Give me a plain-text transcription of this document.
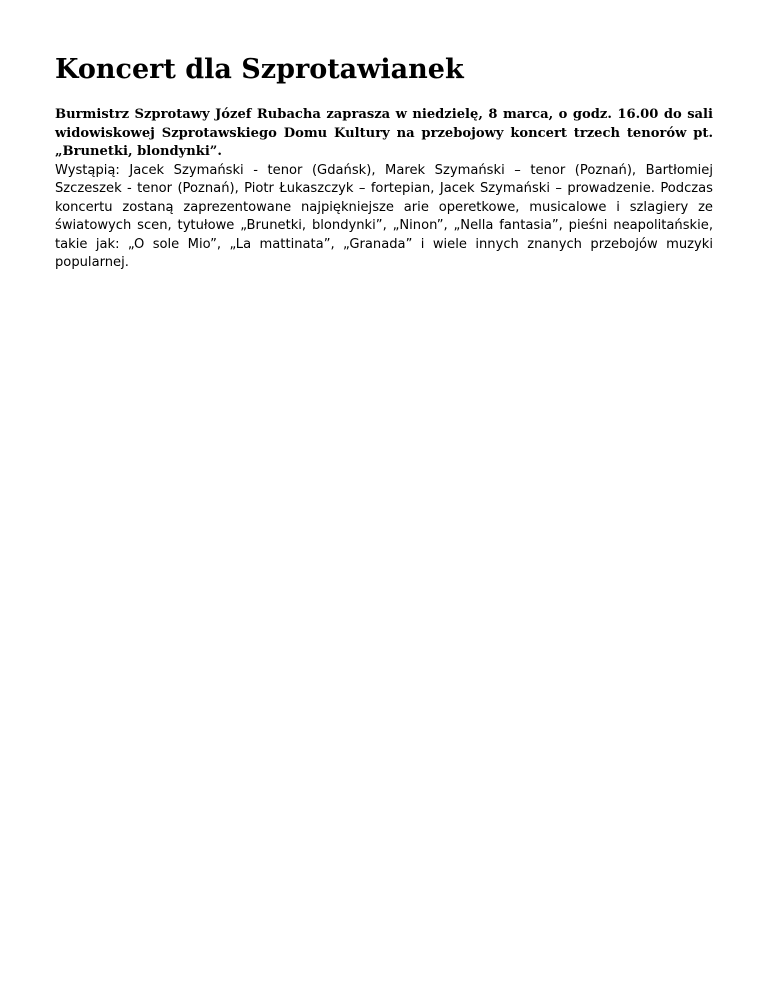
Koncert dla Szprotawianek

Burmistrz Szprotawy Józef Rubacha zaprasza w niedzielę, 8 marca, o godz. 16.00 do sali widowiskowej Szprotawskiego Domu Kultury na przebojowy koncert trzech tenorów pt. „Brunetki, blondynki”.

Wystąpią: Jacek Szymański - tenor (Gdańsk), Marek Szymański – tenor (Poznań), Bartłomiej Szczeszek - tenor (Poznań), Piotr Łukaszczyk – fortepian, Jacek Szymański – prowadzenie. Podczas koncertu zostaną zaprezentowane najpiękniejsze arie operetkowe, musicalowe i szlagiery ze światowych scen, tytułowe „Brunetki, blondynki”, „Ninon”, „Nella fantasia”, pieśni neapolitańskie, takie jak: „O sole Mio”, „La mattinata”, „Granada” i wiele innych znanych przebojów muzyki popularnej.
